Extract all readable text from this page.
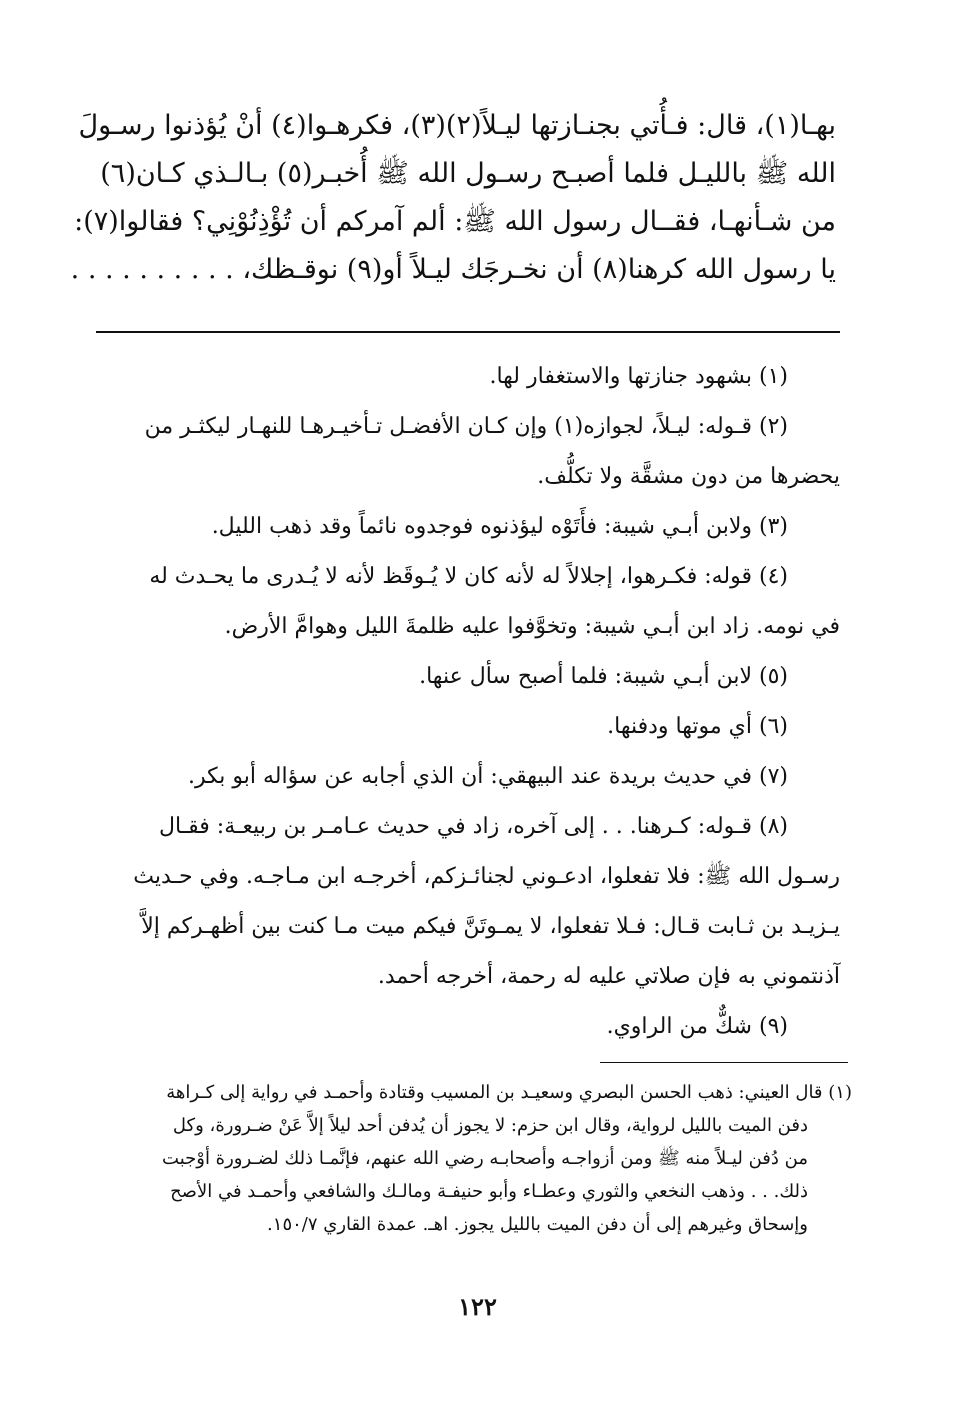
بهـا(١)، قال: فـأُتي بجنـازتها ليـلاً(٢)(٣)، فكرهـوا(٤) أنْ يُؤذنوا رسـولَ
الله ﷺ بالليـل فلما أصبـح رسـول الله ﷺ أُخبـر(٥) بـالـذي كـان(٦)
من شـأنهـا، فقــال رسول الله ﷺ: ألم آمركم أن تُؤْذِنُوْنِي؟ فقالوا(٧):
يا رسول الله كرهنا(٨) أن نخـرجَك ليـلاً أو(٩) نوقـظك، . . . . . . . . . .
(١) بشهود جنازتها والاستغفار لها.
(٢) قـوله: ليـلاً، لجوازه(١) وإن كـان الأفضـل تـأخيـرهـا للنهـار ليكثـر من
يحضرها من دون مشقَّة ولا تكلُّف.
(٣) ولابن أبـي شيبة: فأَتَوْه ليؤذنوه فوجدوه نائماً وقد ذهب الليل.
(٤) قوله: فكـرهوا، إجلالاً له لأنه كان لا يُـوقَظ لأنه لا يُـدرى ما يحـدث له
في نومه. زاد ابن أبـي شيبة: وتخوَّفوا عليه ظلمةَ الليل وهوامَّ الأرض.
(٥) لابن أبـي شيبة: فلما أصبح سأل عنها.
(٦) أي موتها ودفنها.
(٧) في حديث بريدة عند البيهقي: أن الذي أجابه عن سؤاله أبو بكر.
(٨) قـوله: كـرهنا. . . إلى آخره، زاد في حديث عـامـر بن ربيعـة: فقـال
رسـول الله ﷺ: فلا تفعلوا، ادعـوني لجنائـزكم، أخرجـه ابن مـاجـه. وفي حـديث
يـزيـد بن ثـابت قـال: فـلا تفعلوا، لا يمـوتَنَّ فيكم ميت مـا كنت بين أظهـركم إلاَّ
آذنتموني به فإن صلاتي عليه له رحمة، أخرجه أحمد.
(٩) شكٌّ من الراوي.
(١) قال العيني: ذهب الحسن البصري وسعيـد بن المسيب وقتادة وأحمـد في رواية إلى كـراهة
دفن الميت بالليل لرواية، وقال ابن حزم: لا يجوز أن يُدفن أحد ليلاً إلاَّ عَنْ ضـرورة، وكل
من دُفن ليـلاً منه ﷺ ومن أزواجـه وأصحابـه رضي الله عنهم، فإنَّمـا ذلك لضـرورة أوْجبت
ذلك. . . وذهب النخعي والثوري وعطـاء وأبو حنيفـة ومالـك والشافعي وأحمـد في الأصح
وإسحاق وغيرهم إلى أن دفن الميت بالليل يجوز. اهـ. عمدة القاري ١٥٠/٧.
١٢٢
